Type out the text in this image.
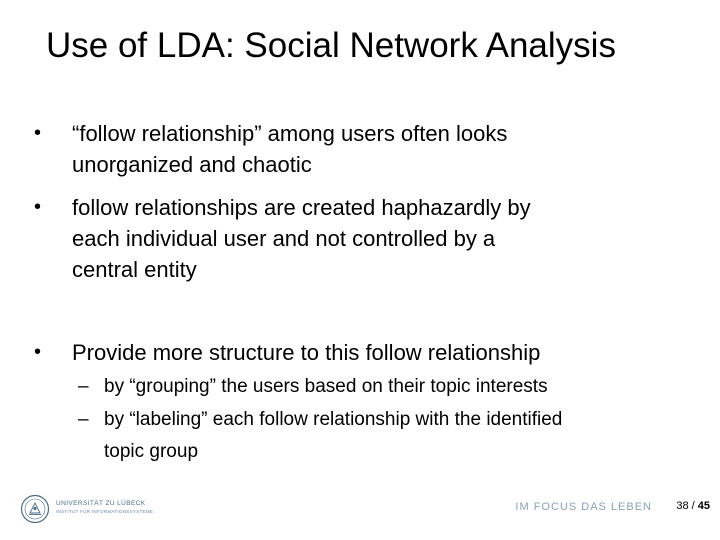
Use of LDA: Social Network Analysis
• “follow relationship” among users often looks
unorganized and chaotic
• follow relationships are created haphazardly by
each individual user and not controlled by a
central entity
• Provide more structure to this follow relationship
– by “grouping” the users based on their topic interests
– by “labeling” each follow relationship with the identified
topic group
UNIVERSITÄT ZU LÜBECK
INSTITUT FÜR INFORMATIONSSYSTEME	IM FOCUS DAS LEBEN 38 / 45
